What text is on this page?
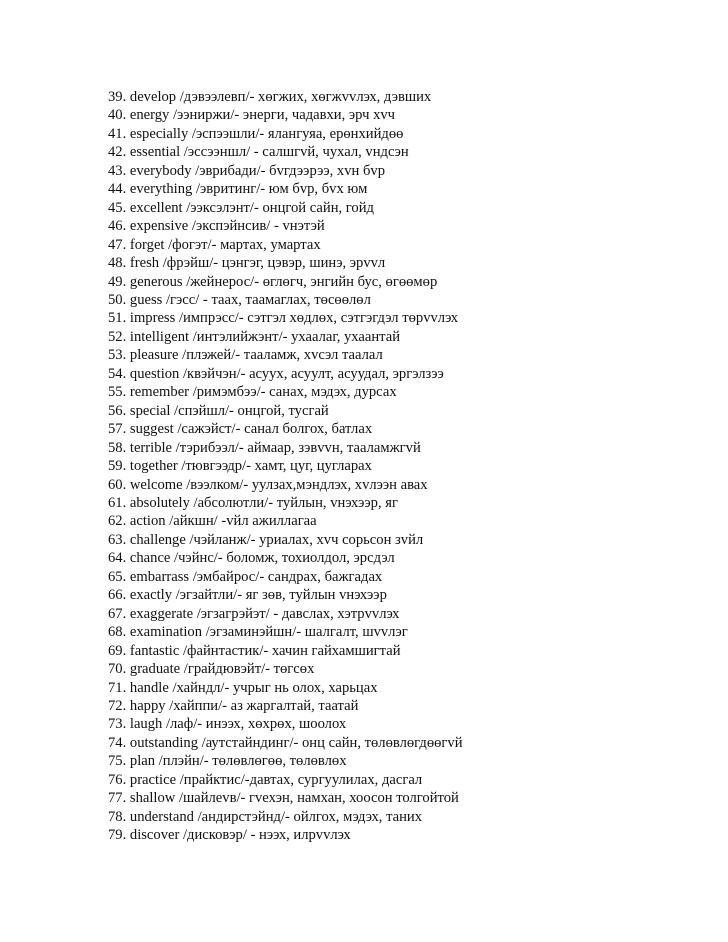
39. develop /дэвээлевп/- хөгжих, хөгжvvлэх, дэвших
40. energy /ээниржи/- энерги, чадавхи, эрч хvч
41. especially /эспээшли/- ялангуяа, ерөнхийдөө
42. essential /эссээншл/ - салшгvй, чухал, vндсэн
43. everybody /эврибади/- бvгдээрээ, хvн бvр
44. everything /эвритинг/- юм бvр, бvх юм
45. excellent /ээксэлэнт/- онцгой сайн, гойд
46. expensive /экспэйнсив/ - vнэтэй
47. forget /фогэт/- мартах, умартах
48. fresh /фрэйш/- цэнгэг, цэвэр, шинэ, эрvvл
49. generous /жейнерос/- өглөгч, энгийн бус, өгөөмөр
50. guess /гэсс/ - таах, таамаглах, төсөөлөл
51. impress /импрэсс/- сэтгэл хөдлөх, сэтгэгдэл төрvvлэх
52. intelligent /интэлийжэнт/- ухаалаг, ухаантай
53. pleasure /плэжей/- таалaмж, хvсэл таалал
54. question /квэйчэн/- асуух, асуулт, асуудал, эргэлзээ
55. remember /римэмбээ/- санах, мэдэх, дурсах
56. special /спэйшл/- онцгой, тусгай
57. suggest /сажэйст/- санал болгох, батлах
58. terrible /тэрибээл/- аймаар, зэвvvн, тааламжгvй
59. together /тювгээдр/- хамт, цуг, цугларах
60. welcome /вээлком/- уулзах,мэндлэх, хvлээн авах
61. absolutely /абсолютли/- туйлын, vнэхээр, яг
62. action /айкшн/ -vйл ажиллагаа
63. challenge /чэйланж/- уриалах, хvч сорьсон зvйл
64. chance /чэйнс/- боломж, тохиолдол, эрсдэл
65. embarrass /эмбайрос/- сандрах, бажгадах
66. exactly /эгзайтли/- яг зөв, туйлын vнэхээр
67. exaggerate /эгзагрэйэт/ - давслах, хэтрvvлэх
68. examination /эгзаминэйшн/- шалгалт, шvvлэг
69. fantastic /файнтастик/- хачин гайхамшигтай
70. graduate /грайдювэйт/- төгсөх
71. handle /хайндл/- учрыг нь олох, харьцах
72. happy /хайппи/- аз жаргалтай, таатай
73. laugh /лаф/- инээх, хөхрөх, шоолох
74. outstanding /аутстайндинг/- онц сайн, төлөвлөгдөөгvй
75. plan /плэйн/- төлөвлөгөө, төлөвлөх
76. practice /прайктис/-давтах, сургуулилах, дасгал
77. shallow /шайлеvв/- гvехэн, намхан, хоосон толгойтой
78. understand /андирстэйнд/- ойлгох, мэдэх, таних
79. discover /дисковэр/ - нээх, илрvvлэх
